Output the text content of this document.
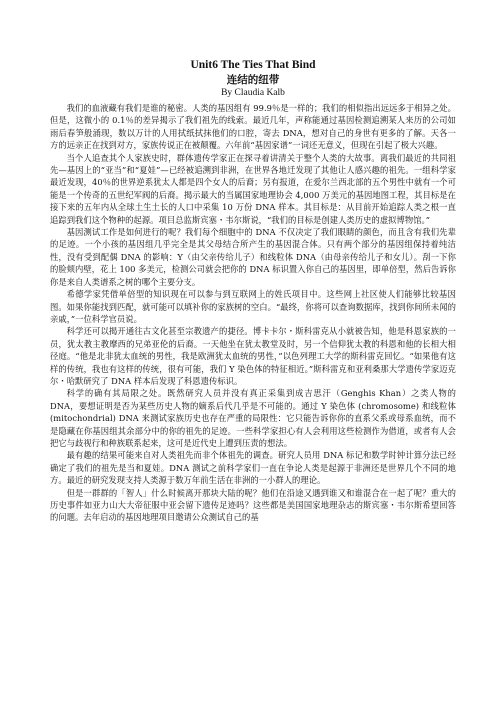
Unit6 The Ties That Bind

连结的纽带

By Claudia Kalb

我们的血液藏有我们是谁的秘密。人类的基因组有 99.9％是一样的；我们的相似指出远远多于相异之处。但是，这微小的 0.1％的差异揭示了我们祖先的线索。最近几年，声称能通过基因检测追溯某人来历的公司如雨后春笋般涌现，数以万计的人用拭纸拭抹他们的口腔，寄去 DNA，想对自己的身世有更多的了解。天各一方的远亲正在找到对方，家族传说正在被颠覆。六年前“基因家谱”一词还无意义，但现在引起了极大兴趣。

当个人追查其个人家族史时，群体遗传学家正在探寻着讲清关于整个人类的大故事。离我们最近的共同祖先—基因上的“亚当”和“夏娃”—已经被追溯到非洲，在世界各地迁发现了其他让人感兴趣的祖先。一组科学家最近发现，40％的世界逆系犹太人都是四个女人的后裔；另有报道，在爱尔兰西北部的五个男性中就有一个可能是一个传奇的五世纪军阀的后裔。揭示最大的当属国家地理协会 4,000 万美元的基因地图工程，其目标是在接下来的五年内从全球土生土长的人口中采集 10 万份 DNA 样本。其目标是：从目前开始追踪人类之根一直追踪到我们这个物种的起源。项目总监斯宾塞・韦尔斯说，“我们的目标是创建人类历史的虚拟博物馆。”

基因测试工作是如何进行的呢？我们每个细胞中的 DNA 不仅决定了我们眼睛的颜色，而且含有我们先辈的足迹。一个小孩的基因组几乎完全是其父母结合所产生的基因混合体。只有两个部分的基因组保持着纯洁性，没有受到配偶 DNA 的影响：Y（由父亲传给儿子）和线粒体 DNA（由母亲传给儿子和女儿）。刮一下你的脸颊内壁，花上 100 多美元，检测公司就会把你的 DNA 标识置入你自己的基因里，即单倍型，然后告诉你你是来自人类谱系之树的哪个主要分支。

希德学家凭借单倍型的知识现在可以参与到互联网上的姓氏项目中。这些网上社区使人们能够比较基因图。如果你能找到匹配，就可能可以填补你的家族树的空白。“最终，你将可以查询数据库，找到你间所未闻的亲戚，”一位科学官员说。

科学还可以揭开通往古文化甚至宗教遗产的捷径。博卡卡尔・斯科雷克从小就被告知，他是科恩家族的一员，犹太教主教摩西的兄弟亚伦的后裔。一天他坐在犹太教堂及时，另一个信仰犹太教的科恩和他的长相大相径庭。“他是北非犹太血统的男性，我是欧洲犹太血统的男性，”以色列理工大学的斯科雷克回忆。“如果他有这样的传统，我也有这样的传统，很有可能，我们 Y 染色体的特征相近。”斯科雷克和亚利桑那大学遗传学家迈克尔・哈默研究了 DNA 样本后发现了科恩遗传标识。

科学的确有其局限之处。既然研究人员并没有真正采集到成吉思汗（Genghis Khan）之类人物的 DNA，要想证明是否为某些历史人物的嫡系后代几乎是不可能的。通过 Y 染色体 (chromosome) 和线粒体 (mitochondrial) DNA 来测试家族历史也存在严重的局限性：它只能告诉你你的直系父系或母系血统，而不是隐藏在你基因组其余部分中的你的祖先的足迹。一些科学家担心有人会利用这些检测作为借道，或者有人会把它与歧视行和种族联系起来，这可是近代史上遭到压责的想法。

最有趣的结果可能来自对人类祖先而非个体祖先的调查。研究人员用 DNA 标记和数学时钟计算分法已经确定了我们的祖先是当和夏娃。DNA 测试之前科学家们一直在争论人类是起源于非洲还是世界几个不同的地方。最近的研究发现支持人类源于数万年前生活在非洲的一小群人的理论。

但是一群群的「智人」什么时候离开那块大陆的呢？他们在沿途又遇到谁又和谁混合在一起了呢？重大的历史事件如亚力山大大帝征服中亚会留下遗传足迹吗？这些都是美国国家地理杂志的斯宾塞・韦尔斯希望回答的问题。去年启动的基因地理项目邀请公众测试自己的基
